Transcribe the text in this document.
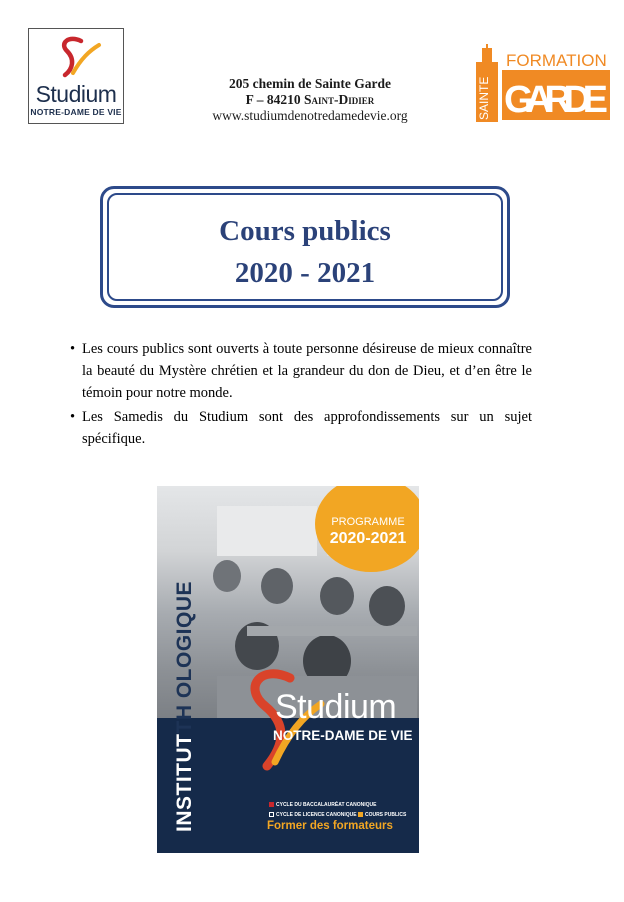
Studium
NOTRE-DAME DE VIE
205 chemin de Sainte Garde
F – 84210 Saint-Didier
www.studiumdenotredamedevie.org	SAINTE
FORMATION
GARDE
Cours publics
2020 - 2021
• Les cours publics sont ouverts à toute personne désireuse de mieux connaître la beauté du Mystère chrétien et la grandeur du don de Dieu, et d’en être le témoin pour notre monde.
• Les Samedis du Studium sont des approfondissements sur un sujet spécifique.
PROGRAMME
2020-2021
INSTITUTTH OLOGIQUE Studium
NOTRE-DAME DE VIE
CYCLE DU BACCALAURÉAT CANONIQUE
CYCLE DE LICENCE CANONIQUE COURS PUBLICS
Former des formateurs
